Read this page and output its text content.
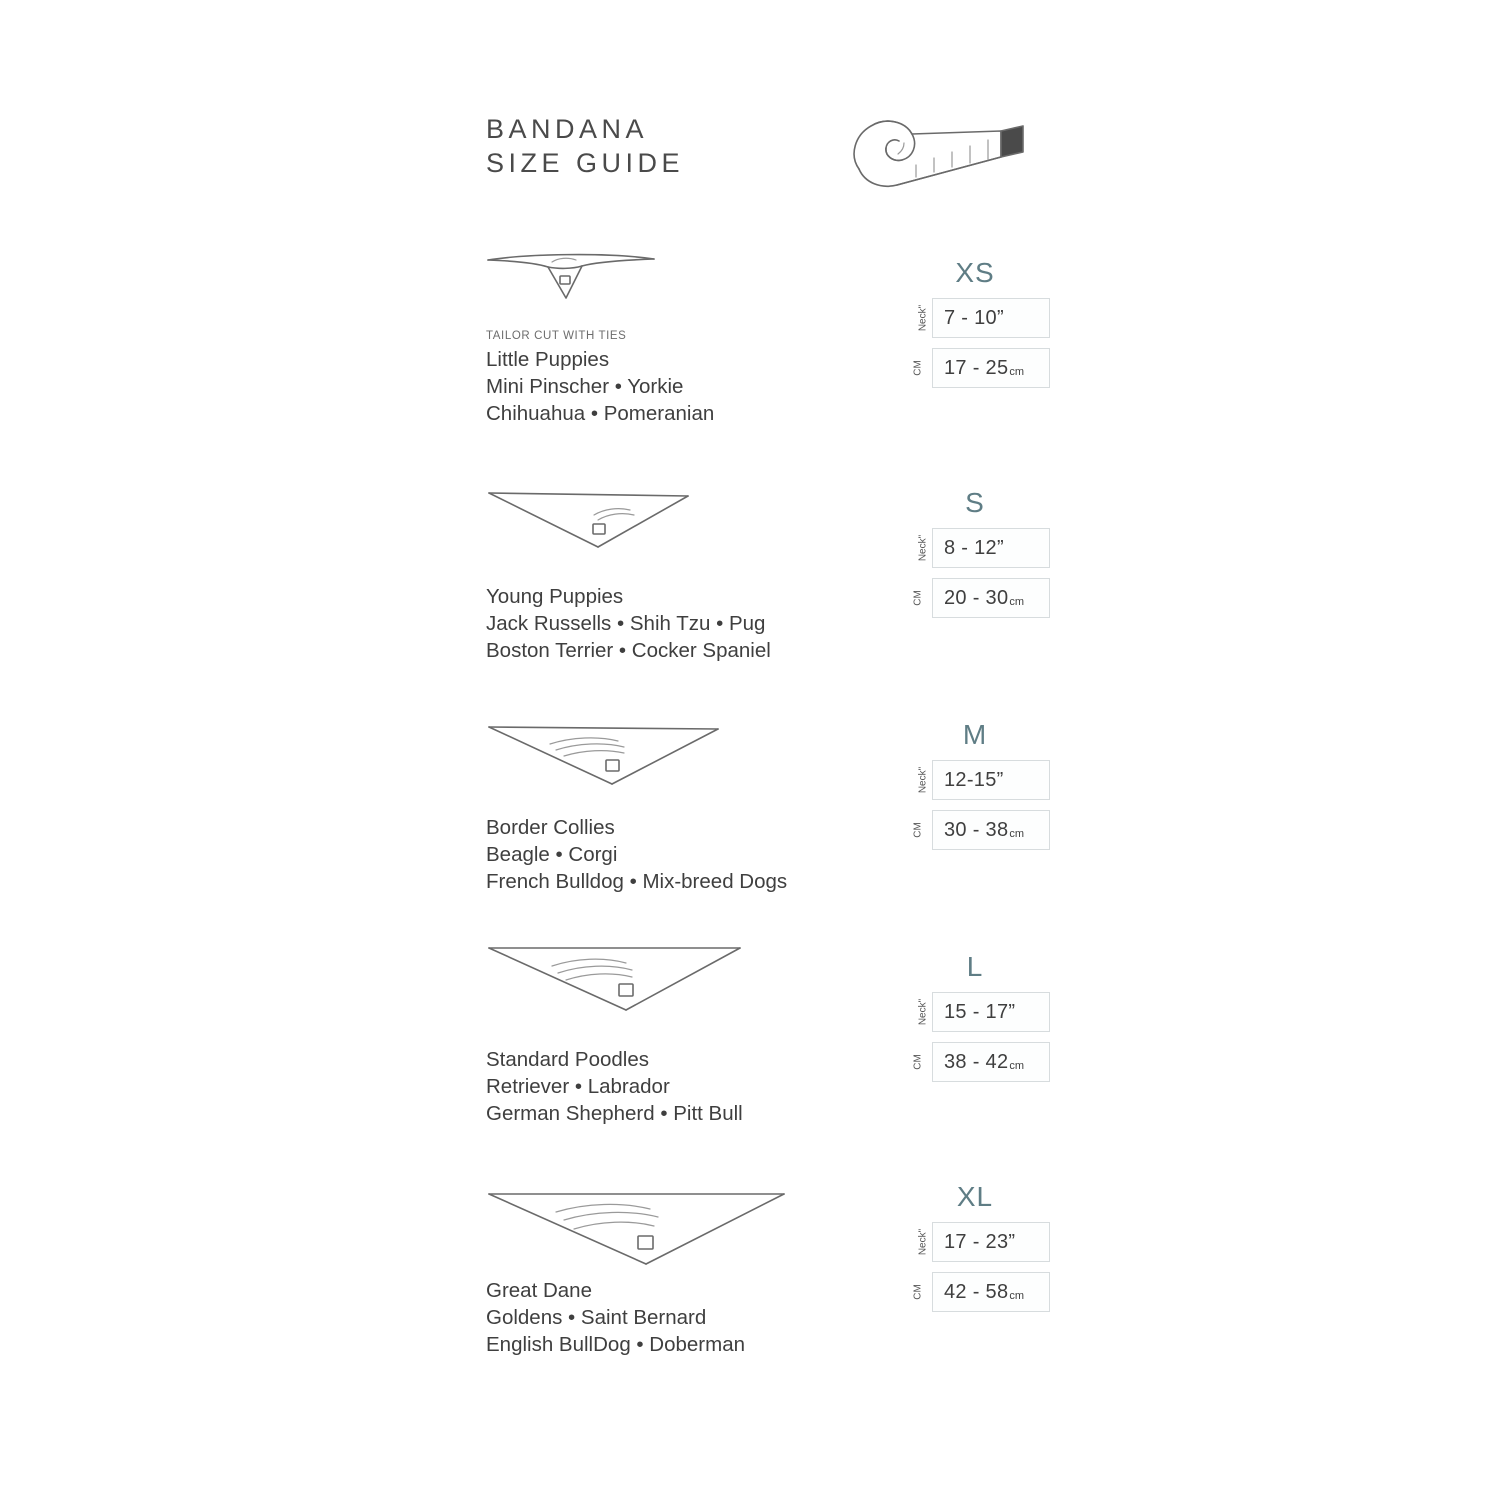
BANDANA
SIZE GUIDE
TAILOR CUT WITH TIES
Little Puppies
Mini Pinscher • Yorkie
Chihuahua • Pomeranian
XS
Neck" 7 - 10”
CM 17 - 25 cm
Young Puppies
Jack Russells • Shih Tzu • Pug
Boston Terrier • Cocker Spaniel
S
Neck" 8 - 12”
CM 20 - 30 cm
Border Collies
Beagle • Corgi
French Bulldog • Mix-breed Dogs
M
Neck" 12-15”
CM 30 - 38 cm
Standard Poodles
Retriever • Labrador
German Shepherd • Pitt Bull
L
Neck" 15 - 17”
CM 38 - 42 cm
Great Dane
Goldens • Saint Bernard
English BullDog • Doberman
XL
Neck" 17 - 23”
CM 42 - 58 cm
